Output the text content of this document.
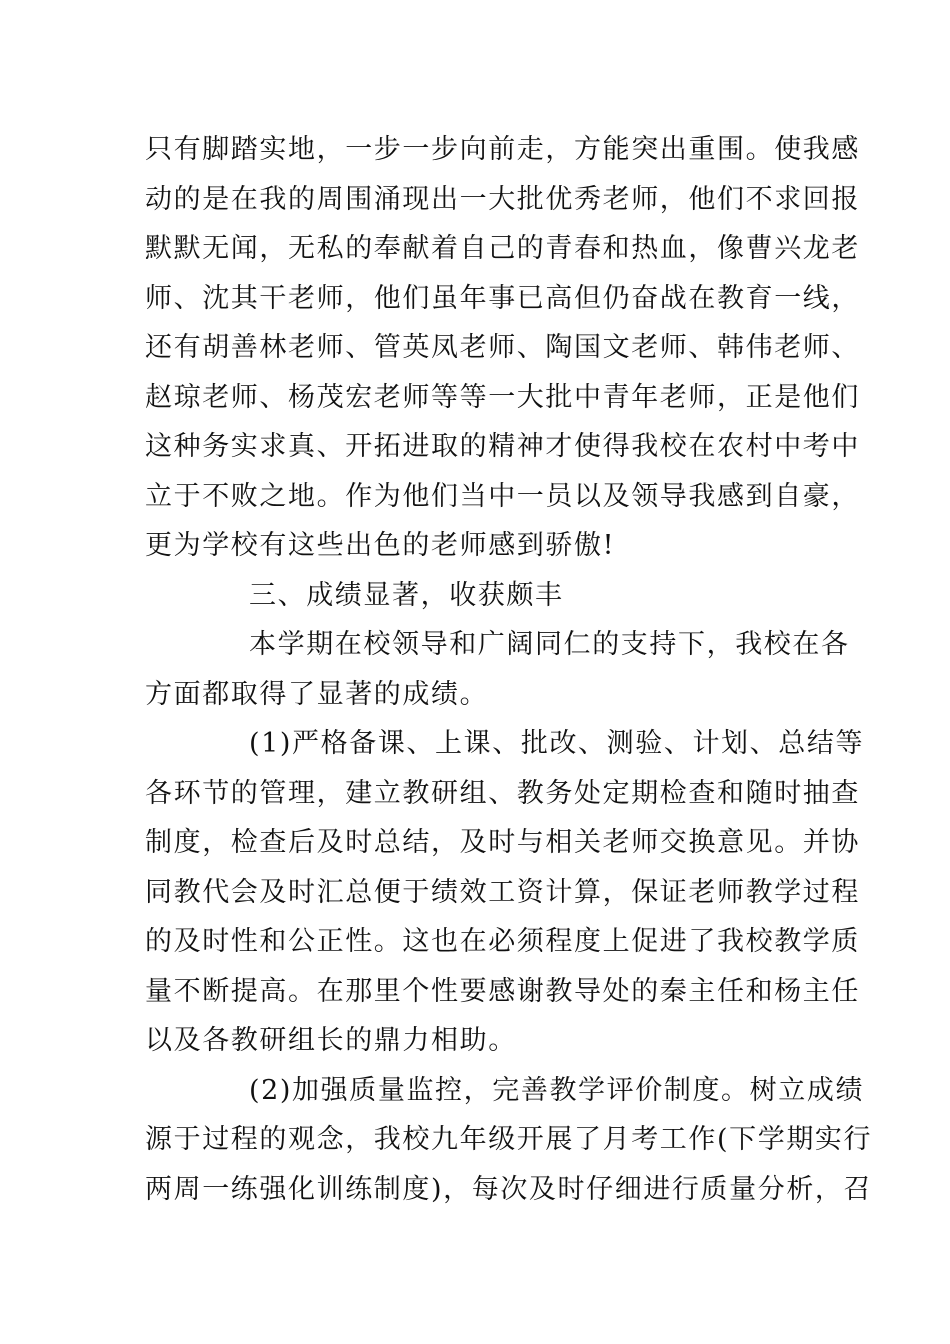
只有脚踏实地，一步一步向前走，方能突出重围。使我感
动的是在我的周围涌现出一大批优秀老师，他们不求回报
默默无闻，无私的奉献着自己的青春和热血，像曹兴龙老
师、沈其干老师，他们虽年事已高但仍奋战在教育一线，
还有胡善林老师、管英凤老师、陶国文老师、韩伟老师、
赵琼老师、杨茂宏老师等等一大批中青年老师，正是他们
这种务实求真、开拓进取的精神才使得我校在农村中考中
立于不败之地。作为他们当中一员以及领导我感到自豪，
更为学校有这些出色的老师感到骄傲!
三、成绩显著，收获颇丰
本学期在校领导和广阔同仁的支持下，我校在各
方面都取得了显著的成绩。
(1)严格备课、上课、批改、测验、计划、总结等
各环节的管理，建立教研组、教务处定期检查和随时抽查
制度，检查后及时总结，及时与相关老师交换意见。并协
同教代会及时汇总便于绩效工资计算，保证老师教学过程
的及时性和公正性。这也在必须程度上促进了我校教学质
量不断提高。在那里个性要感谢教导处的秦主任和杨主任
以及各教研组长的鼎力相助。
(2)加强质量监控，完善教学评价制度。树立成绩
源于过程的观念，我校九年级开展了月考工作(下学期实行
两周一练强化训练制度)，每次及时仔细进行质量分析，召
